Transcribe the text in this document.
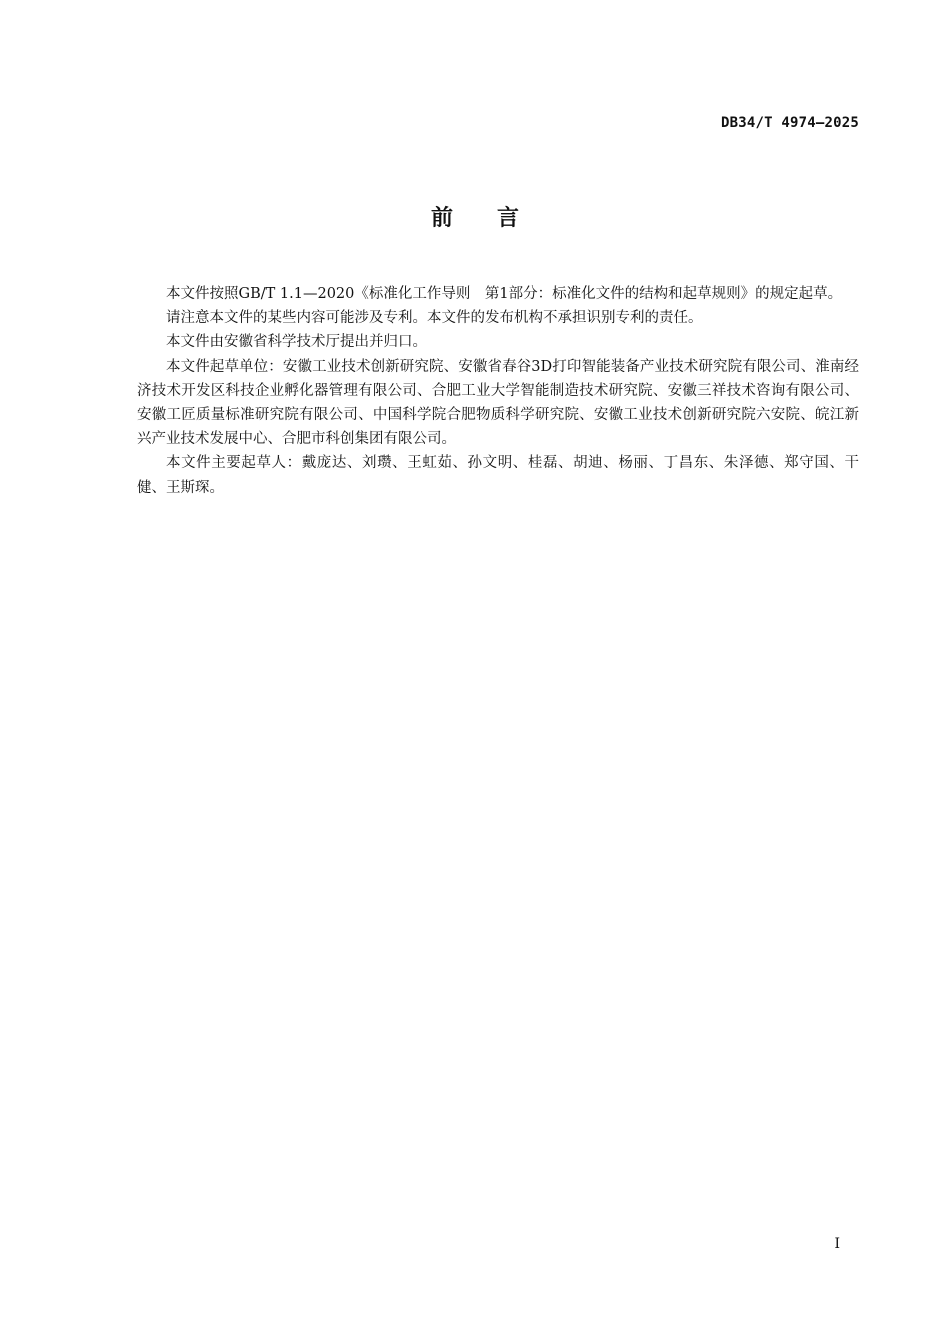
DB34/T 4974—2025
前言

本文件按照GB/T 1.1—2020《标准化工作导则　第1部分：标准化文件的结构和起草规则》的规定起草。

请注意本文件的某些内容可能涉及专利。本文件的发布机构不承担识别专利的责任。

本文件由安徽省科学技术厅提出并归口。

本文件起草单位：安徽工业技术创新研究院、安徽省春谷3D打印智能装备产业技术研究院有限公司、淮南经济技术开发区科技企业孵化器管理有限公司、合肥工业大学智能制造技术研究院、安徽三祥技术咨询有限公司、安徽工匠质量标准研究院有限公司、中国科学院合肥物质科学研究院、安徽工业技术创新研究院六安院、皖江新兴产业技术发展中心、合肥市科创集团有限公司。

本文件主要起草人：戴庞达、刘瓒、王虹茹、孙文明、桂磊、胡迪、杨丽、丁昌东、朱泽德、郑守国、干健、王斯琛。

I
